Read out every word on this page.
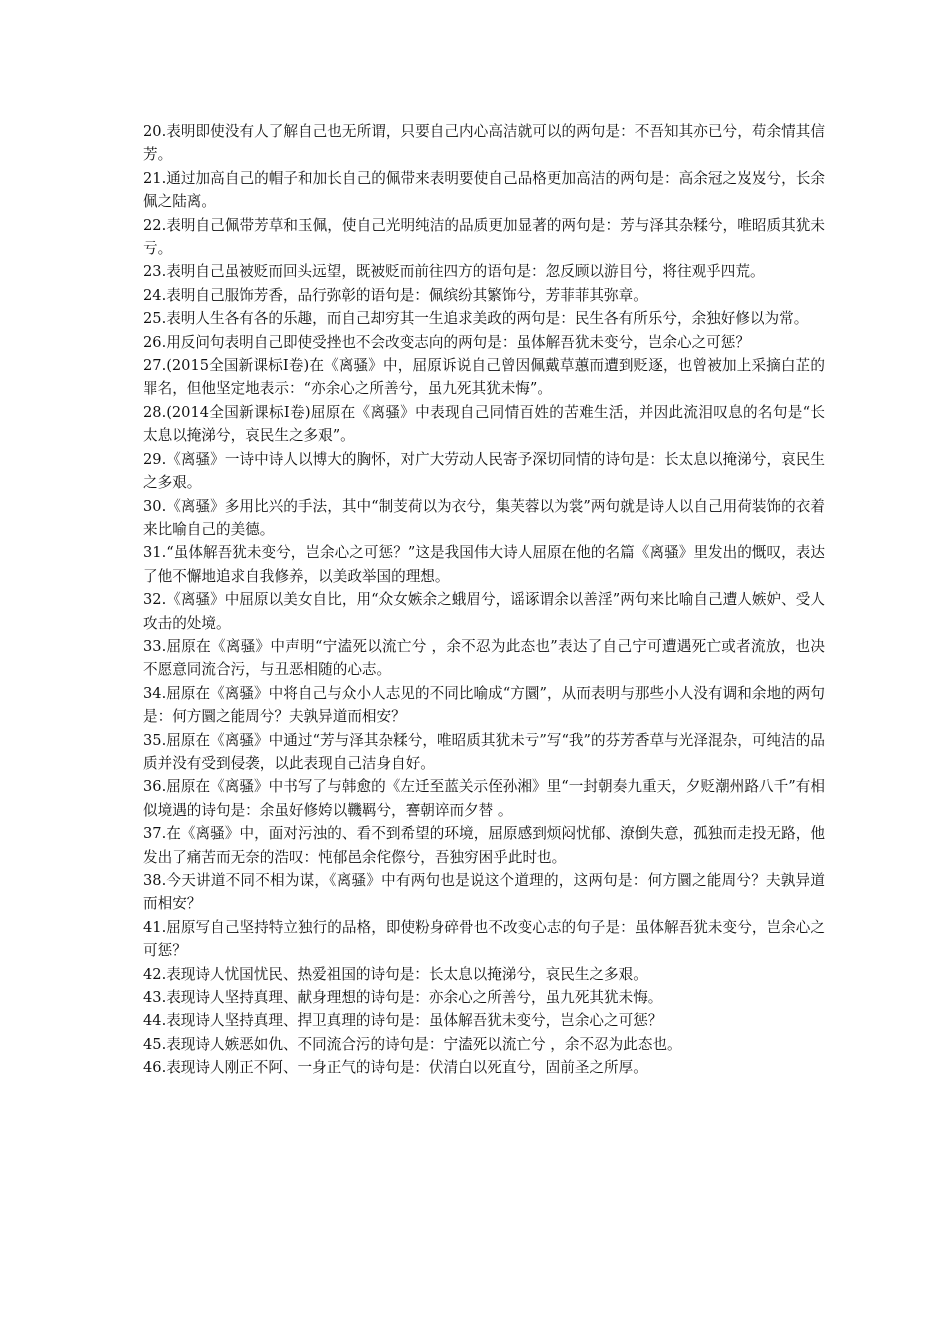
20.表明即使没有人了解自己也无所谓，只要自己内心高洁就可以的两句是：不吾知其亦已兮，苟余情其信芳。

21.通过加高自己的帽子和加长自己的佩带来表明要使自己品格更加高洁的两句是：高余冠之岌岌兮，长余佩之陆离。

22.表明自己佩带芳草和玉佩，使自己光明纯洁的品质更加显著的两句是：芳与泽其杂糅兮，唯昭质其犹未亏。

23.表明自己虽被贬而回头远望，既被贬而前往四方的语句是：忽反顾以游目兮，将往观乎四荒。

24.表明自己服饰芳香，品行弥彰的语句是：佩缤纷其繁饰兮，芳菲菲其弥章。

25.表明人生各有各的乐趣，而自己却穷其一生追求美政的两句是：民生各有所乐兮，余独好修以为常。

26.用反问句表明自己即使受挫也不会改变志向的两句是：虽体解吾犹未变兮，岂余心之可惩？

27.(2015全国新课标Ⅰ卷)在《离骚》中，屈原诉说自己曾因佩戴草蕙而遭到贬逐，也曾被加上采摘白芷的罪名，但他坚定地表示：“亦余心之所善兮，虽九死其犹未悔”。

28.(2014全国新课标Ⅰ卷)屈原在《离骚》中表现自己同情百姓的苦难生活，并因此流泪叹息的名句是“长太息以掩涕兮，哀民生之多艰”。

29.《离骚》一诗中诗人以博大的胸怀，对广大劳动人民寄予深切同情的诗句是：长太息以掩涕兮，哀民生之多艰。

30.《离骚》多用比兴的手法，其中“制芰荷以为衣兮，集芙蓉以为裳”两句就是诗人以自己用荷装饰的衣着来比喻自己的美德。

31.“虽体解吾犹未变兮，岂余心之可惩？”这是我国伟大诗人屈原在他的名篇《离骚》里发出的慨叹，表达了他不懈地追求自我修养，以美政举国的理想。

32.《离骚》中屈原以美女自比，用“众女嫉余之蛾眉兮，谣诼谓余以善淫”两句来比喻自己遭人嫉妒、受人攻击的处境。

33.屈原在《离骚》中声明“宁溘死以流亡兮 ，余不忍为此态也”表达了自己宁可遭遇死亡或者流放，也决不愿意同流合污，与丑恶相随的心志。

34.屈原在《离骚》中将自己与众小人志见的不同比喻成“方圜”，从而表明与那些小人没有调和余地的两句是：何方圜之能周兮？夫孰异道而相安？

35.屈原在《离骚》中通过“芳与泽其杂糅兮，唯昭质其犹未亏”写“我”的芬芳香草与光泽混杂，可纯洁的品质并没有受到侵袭，以此表现自己洁身自好。

36.屈原在《离骚》中书写了与韩愈的《左迁至蓝关示侄孙湘》里“一封朝奏九重天，夕贬潮州路八千”有相似境遇的诗句是：余虽好修姱以鞿羁兮，謇朝谇而夕替 。

37.在《离骚》中，面对污浊的、看不到希望的环境，屈原感到烦闷忧郁、潦倒失意，孤独而走投无路，他发出了痛苦而无奈的浩叹：忳郁邑余侘傺兮，吾独穷困乎此时也。

38.今天讲道不同不相为谋，《离骚》中有两句也是说这个道理的，这两句是：何方圜之能周兮？夫孰异道而相安？

41.屈原写自己坚持特立独行的品格，即使粉身碎骨也不改变心志的句子是：虽体解吾犹未变兮，岂余心之可惩？

42.表现诗人忧国忧民、热爱祖国的诗句是：长太息以掩涕兮，哀民生之多艰。

43.表现诗人坚持真理、献身理想的诗句是：亦余心之所善兮，虽九死其犹未悔。

44.表现诗人坚持真理、捍卫真理的诗句是：虽体解吾犹未变兮，岂余心之可惩？

45.表现诗人嫉恶如仇、不同流合污的诗句是：宁溘死以流亡兮 ，余不忍为此态也。

46.表现诗人刚正不阿、一身正气的诗句是：伏清白以死直兮，固前圣之所厚。
